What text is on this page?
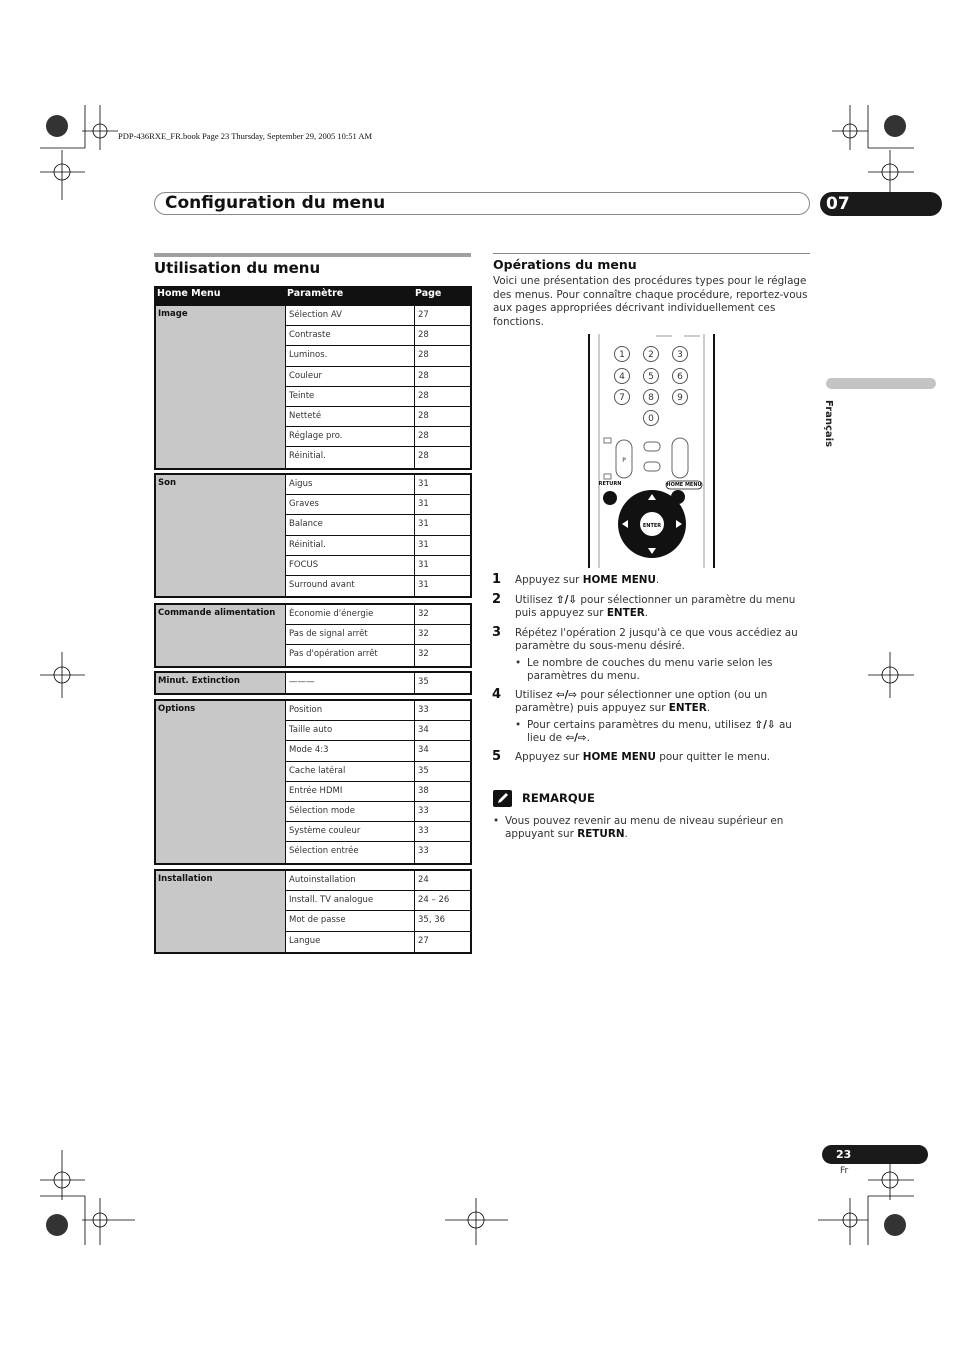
PDP-436RXE_FR.book Page 23 Thursday, September 29, 2005 10:51 AM
Configuration du menu	07
Français
Utilisation du menu
Home Menu	Paramètre	Page
Image	Sélection AV	27
Contraste	28
Luminos.	28
Couleur	28
Teinte	28
Netteté	28
Réglage pro.	28
Réinitial.	28
Son	Aigus	31
Graves	31
Balance	31
Réinitial.	31
FOCUS	31
Surround avant	31
Commande alimentation	Économie d'énergie	32
Pas de signal arrêt	32
Pas d'opération arrêt	32
Minut. Extinction	———	35
Options	Position	33
Taille auto	34
Mode 4:3	34
Cache latéral	35
Entrée HDMI	38
Sélection mode	33
Système couleur	33
Sélection entrée	33
Installation	Autoinstallation	24
Install. TV analogue	24 – 26
Mot de passe	35, 36
Langue	27
Opérations du menu
Voici une présentation des procédures types pour le réglage des menus. Pour connaître chaque procédure, reportez-vous aux pages appropriées décrivant individuellement ces fonctions.
1	2	3
4	5	6
7	8	9
0
P
RETURN	HOME MENU
ENTER
1 Appuyez sur HOME MENU.
2 Utilisez ⇧/⇩ pour sélectionner un paramètre du menu puis appuyez sur ENTER.
3 Répétez l'opération 2 jusqu'à ce que vous accédiez au paramètre du sous-menu désiré.
• Le nombre de couches du menu varie selon les paramètres du menu.
4 Utilisez ⇦/⇨ pour sélectionner une option (ou un paramètre) puis appuyez sur ENTER.
• Pour certains paramètres du menu, utilisez ⇧/⇩ au lieu de ⇦/⇨.
5 Appuyez sur HOME MENU pour quitter le menu.
REMARQUE
• Vous pouvez revenir au menu de niveau supérieur en appuyant sur RETURN.
23
Fr
